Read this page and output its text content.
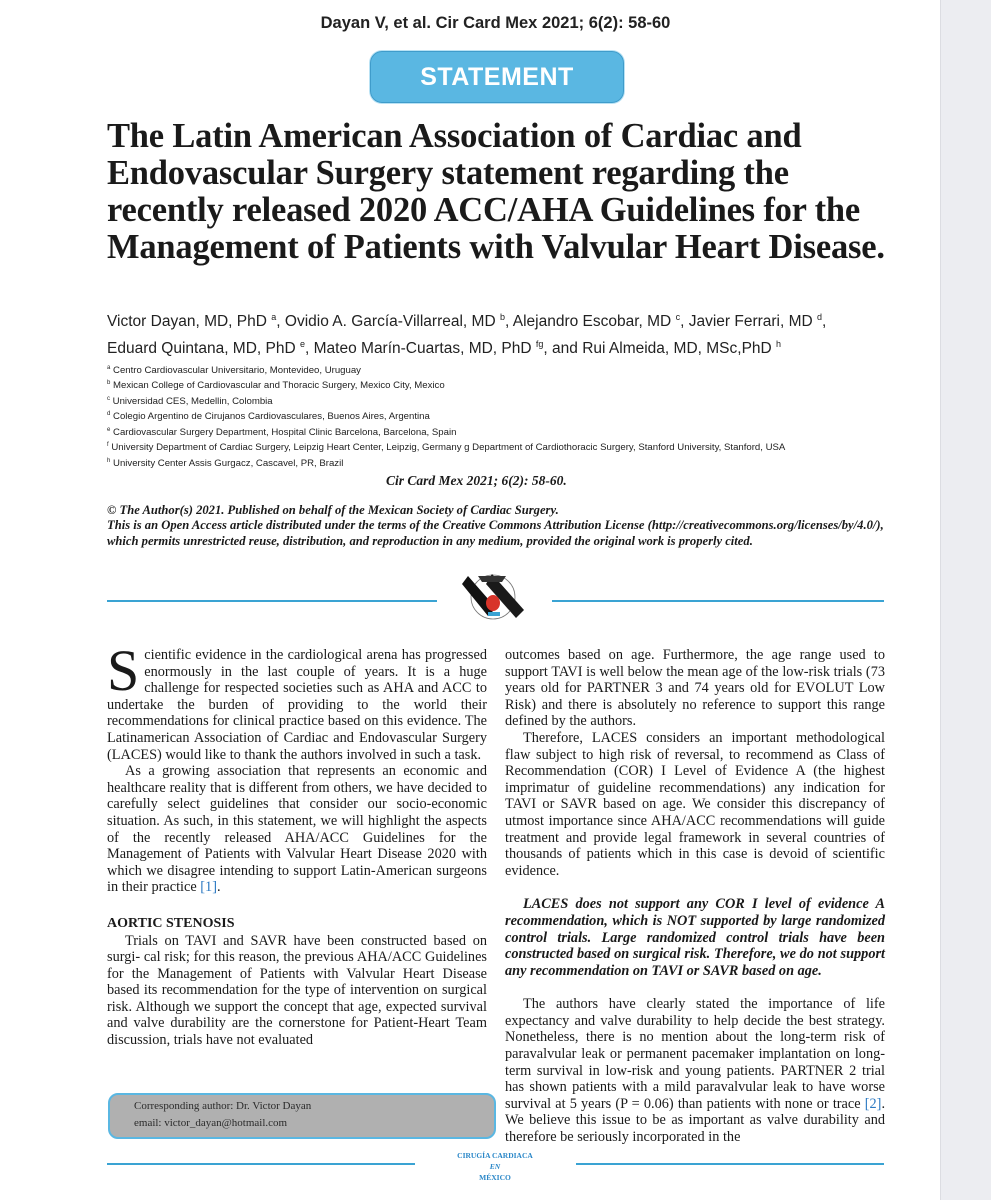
Dayan V, et al. Cir Card Mex 2021; 6(2): 58-60
STATEMENT
The Latin American Association of Cardiac and Endovascular Surgery statement regarding the recently released 2020 ACC/AHA Guidelines for the Management of Patients with Valvular Heart Disease.
Victor Dayan, MD, PhD $^a$, Ovidio A. García-Villarreal, MD $^b$, Alejandro Escobar, MD $^c$, Javier Ferrari, MD $^d$,
Eduard Quintana, MD, PhD $^e$, Mateo Marín-Cuartas, MD, PhD $^{fg}$, and Rui Almeida, MD, MSc,PhD $^h$
$^a$ Centro Cardiovascular Universitario, Montevideo, Uruguay
$^b$ Mexican College of Cardiovascular and Thoracic Surgery, Mexico City, Mexico
$^c$ Universidad CES, Medellin, Colombia
$^d$ Colegio Argentino de Cirujanos Cardiovasculares, Buenos Aires, Argentina
$^e$ Cardiovascular Surgery Department, Hospital Clinic Barcelona, Barcelona, Spain
$^f$ University Department of Cardiac Surgery, Leipzig Heart Center, Leipzig, Germany g Department of Cardiothoracic Surgery, Stanford University, Stanford, USA
$^h$ University Center Assis Gurgacz, Cascavel, PR, Brazil
Cir Card Mex 2021; 6(2): 58-60.
© The Author(s) 2021. Published on behalf of the Mexican Society of Cardiac Surgery.
This is an Open Access article distributed under the terms of the Creative Commons Attribution License (http://creativecommons.org/licenses/by/4.0/), which permits unrestricted reuse, distribution, and reproduction in any medium, provided the original work is properly cited.

Scientific evidence in the cardiological arena has progressed enormously in the last couple of years. It is a huge challenge for respected societies such as AHA and ACC to undertake the burden of providing to the world their recommendations for clinical practice based on this evidence. The Latinamerican Association of Cardiac and Endovascular Surgery (LACES) would like to thank the authors involved in such a task.

As a growing association that represents an economic and healthcare reality that is different from others, we have decided to carefully select guidelines that consider our socio-economic situation. As such, in this statement, we will highlight the aspects of the recently released AHA/ACC Guidelines for the Management of Patients with Valvular Heart Disease 2020 with which we disagree intending to support Latin-American surgeons in their practice [1].

AORTIC STENOSIS

Trials on TAVI and SAVR have been constructed based on surgi- cal risk; for this reason, the previous AHA/ACC Guidelines for the Management of Patients with Valvular Heart Disease based its recommendation for the type of intervention on surgical risk. Although we support the concept that age, expected survival and valve durability are the cornerstone for Patient-Heart Team discussion, trials have not evaluated

outcomes based on age. Furthermore, the age range used to support TAVI is well below the mean age of the low-risk trials (73 years old for PARTNER 3 and 74 years old for EVOLUT Low Risk) and there is absolutely no reference to support this range defined by the authors.

Therefore, LACES considers an important methodological flaw subject to high risk of reversal, to recommend as Class of Recommendation (COR) I Level of Evidence A (the highest imprimatur of guideline recommendations) any indication for TAVI or SAVR based on age. We consider this discrepancy of utmost importance since AHA/ACC recommendations will guide treatment and provide legal framework in several countries of thousands of patients which in this case is devoid of scientific evidence.

LACES does not support any COR I level of evidence A recommendation, which is NOT supported by large randomized control trials. Large randomized control trials have been constructed based on surgical risk. Therefore, we do not support any recommendation on TAVI or SAVR based on age.

The authors have clearly stated the importance of life expectancy and valve durability to help decide the best strategy. Nonetheless, there is no mention about the long-term risk of paravalvular leak or permanent pacemaker implantation on long-term survival in low-risk and young patients. PARTNER 2 trial has shown patients with a mild paravalvular leak to have worse survival at 5 years (P = 0.06) than patients with none or trace [2]. We believe this issue to be as important as valve durability and therefore be seriously incorporated in the

Corresponding author: Dr. Victor Dayan
email: victor_dayan@hotmail.com
CIRUGÍA CARDIACA
EN
MÉXICO
